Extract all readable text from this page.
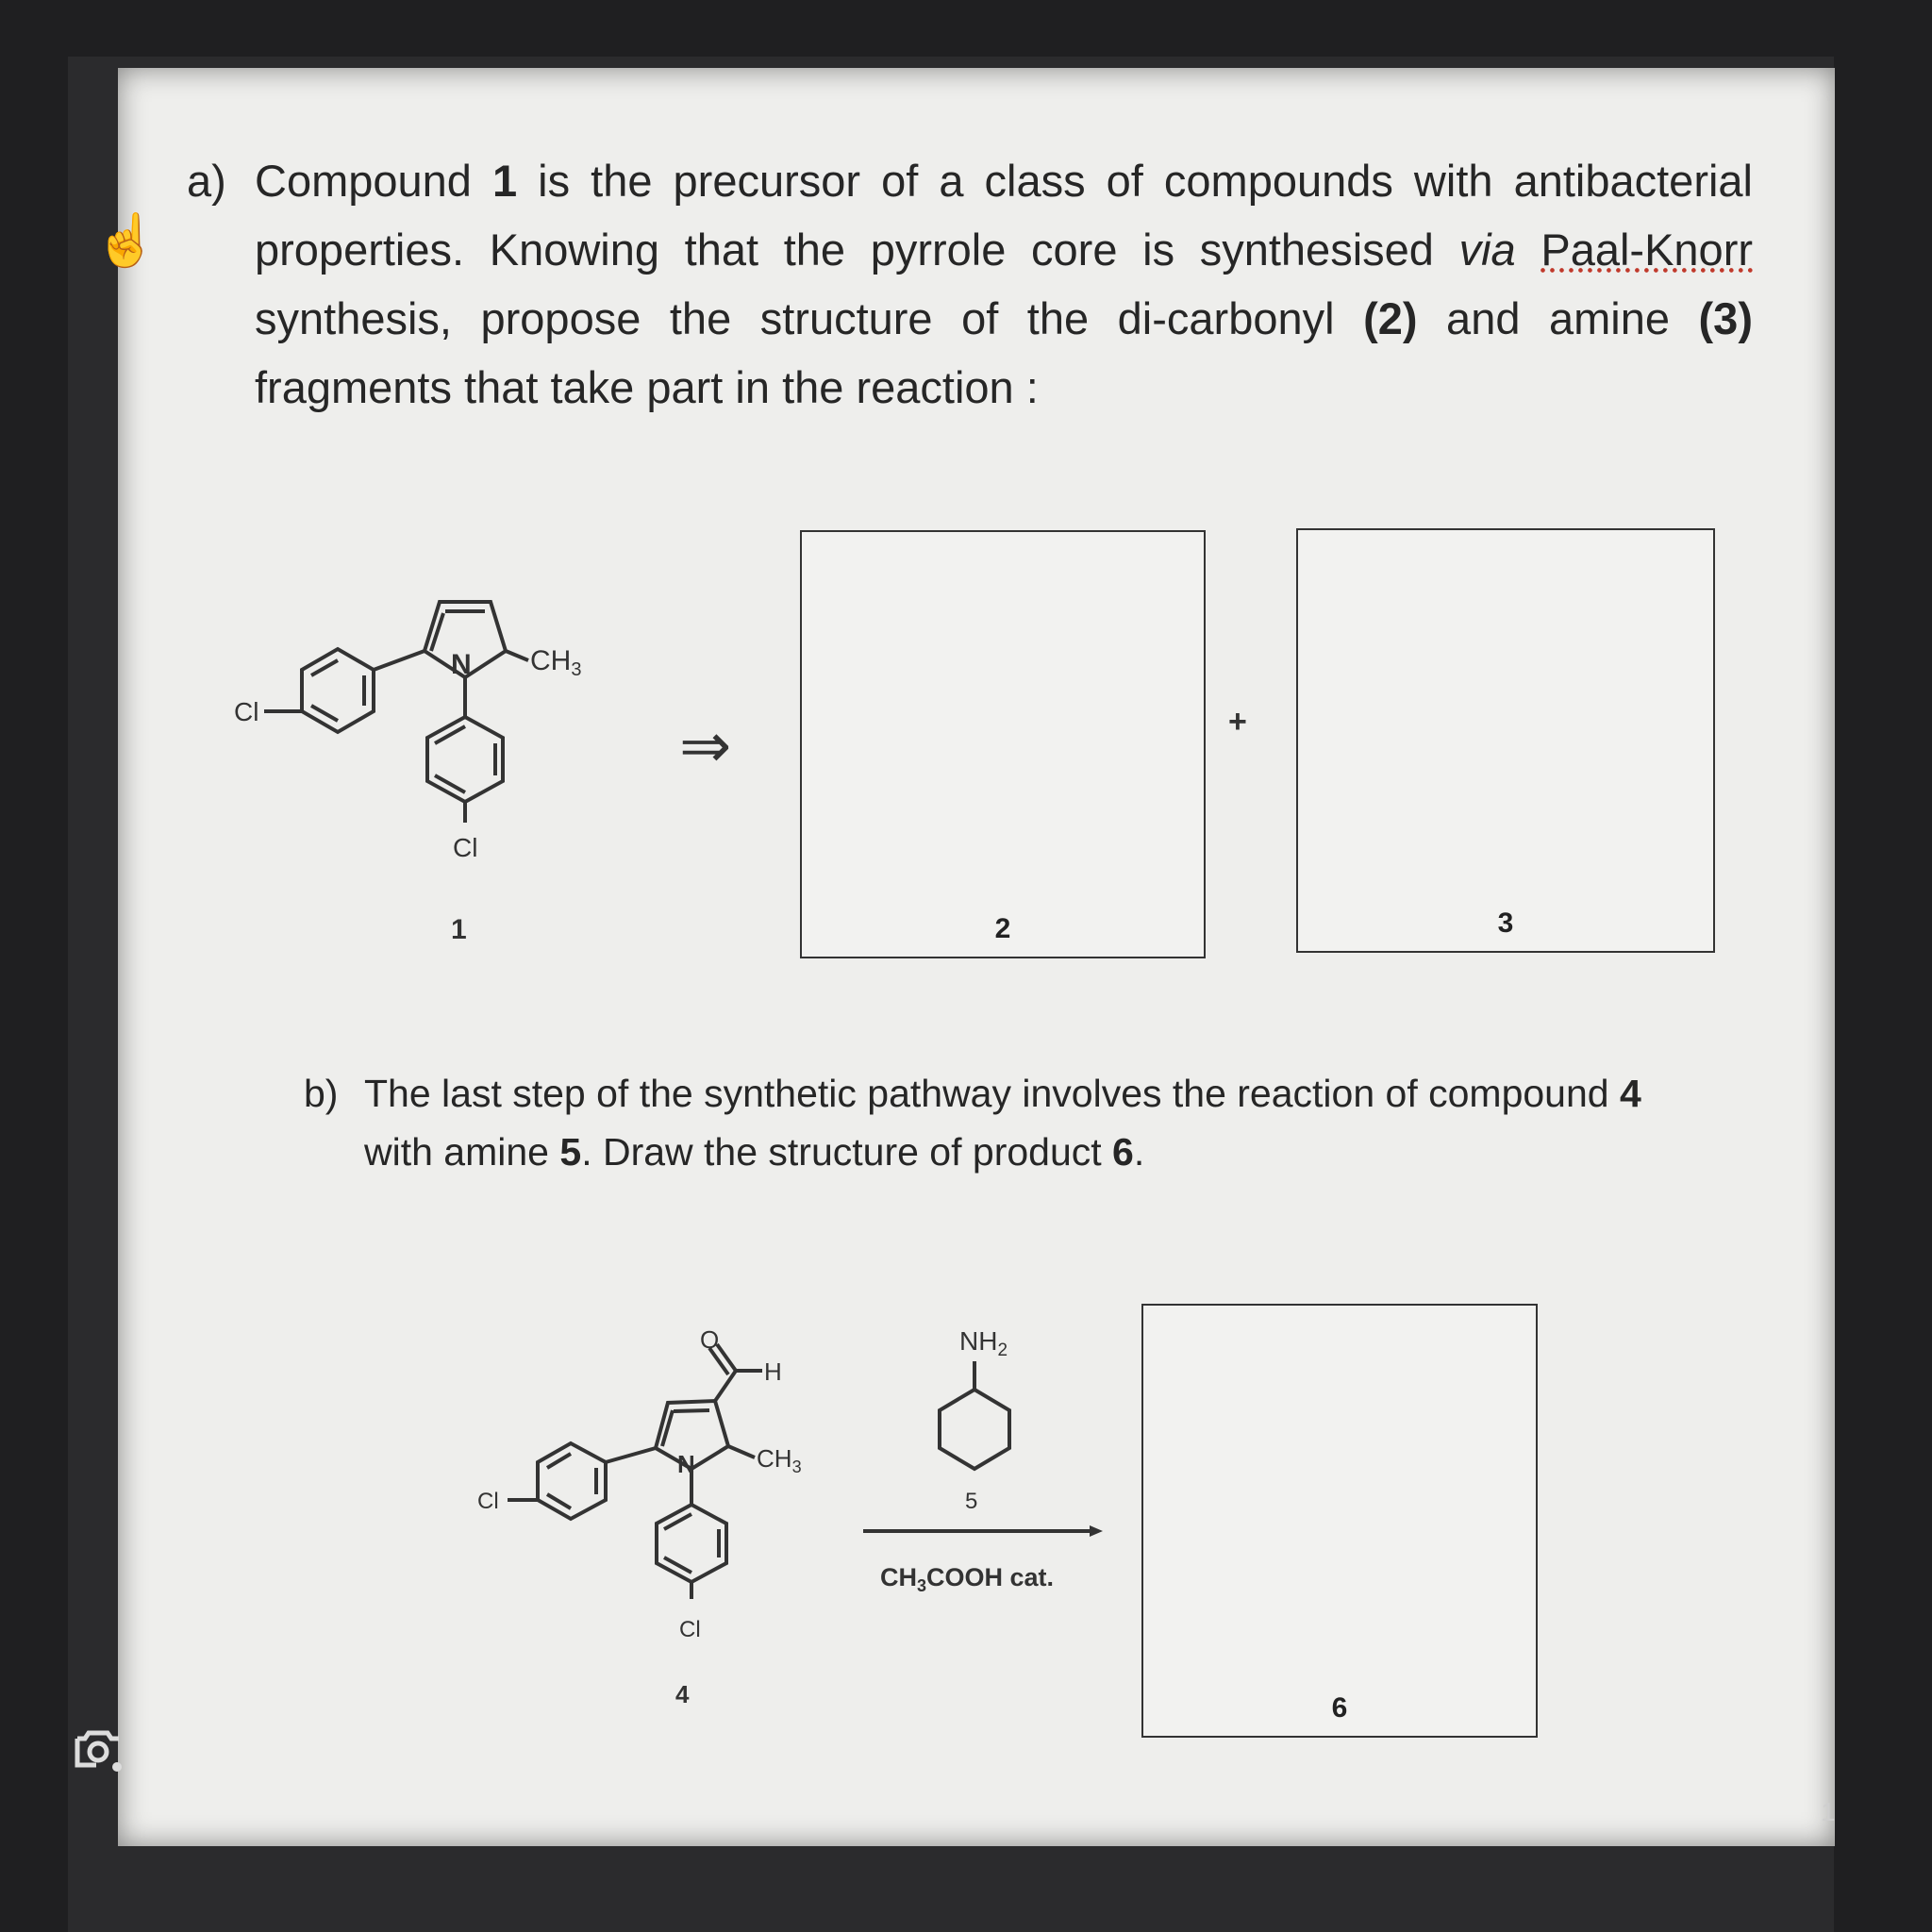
☝
1
a) Compound 1 is the precursor of a class of compounds with antibacterial properties. Knowing that the pyrrole core is synthesised via Paal-Knorr synthesis, propose the structure of the di-carbonyl (2) and amine (3) fragments that take part in the reaction :
Cl
N $CH_3$
Cl
1
⇒
2
+
3
b) The last step of the synthetic pathway involves the reaction of compound 4 with amine 5. Draw the structure of product 6.
O
H
N	$CH_3$
Cl
Cl
4
$NH_2$
5
$CH_3COOH$ cat.
6
